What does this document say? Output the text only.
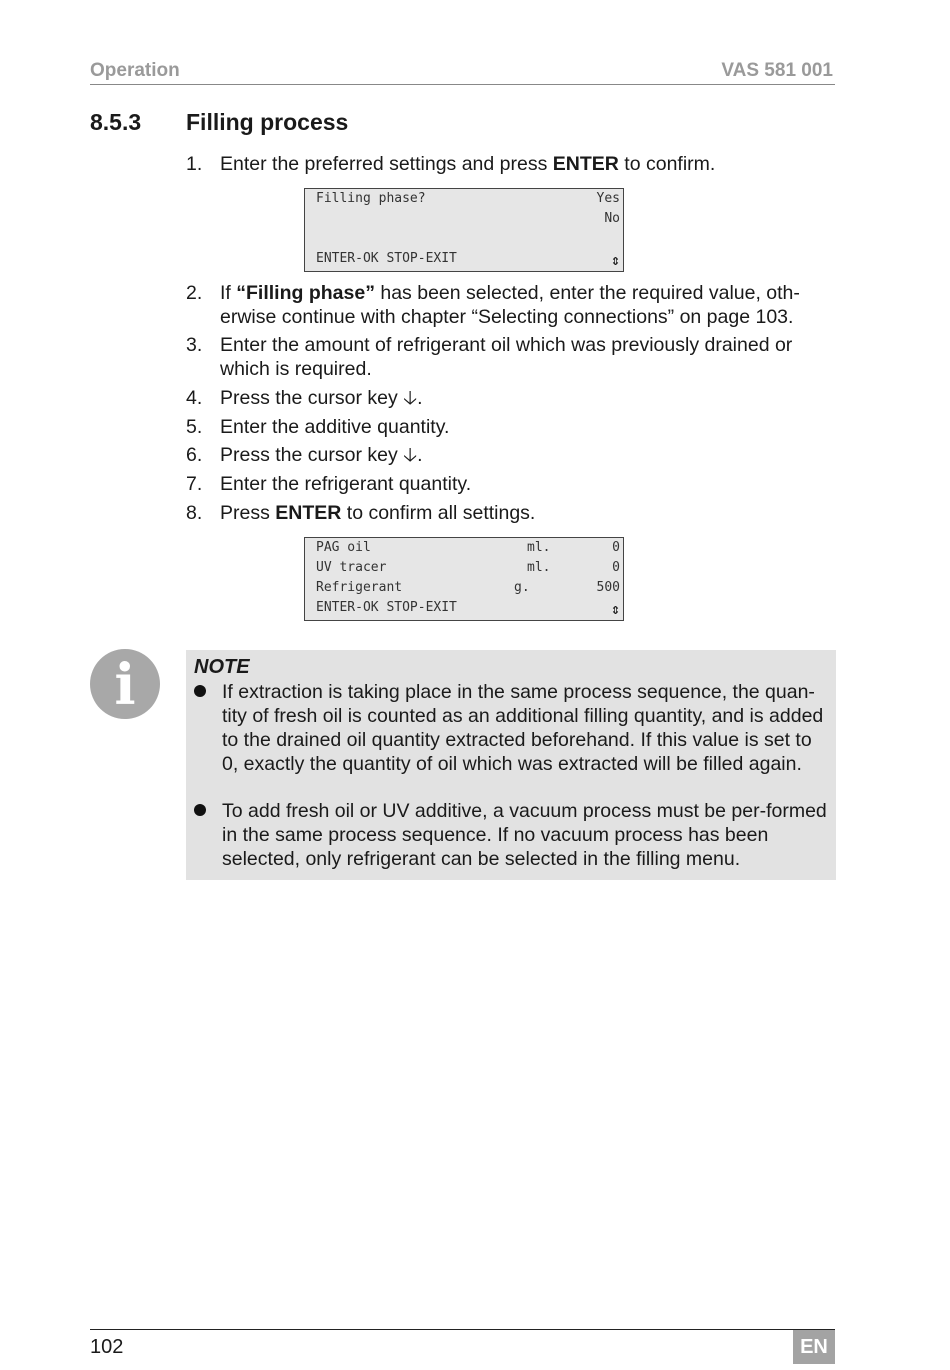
Operation	VAS 581 001
8.5.3 Filling process
1. Enter the preferred settings and press ENTER to confirm.
Filling phase?	Yes
No
ENTER-OK STOP-EXIT	⇕
2. If “Filling phase” has been selected, enter the required value, oth-erwise continue with chapter “Selecting connections” on page 103.
3. Enter the amount of refrigerant oil which was previously drained or which is required.
4. Press the cursor key 🡣.
5. Enter the additive quantity.
6. Press the cursor key 🡣.
7. Enter the refrigerant quantity.
8. Press ENTER to confirm all settings.
PAG oil	ml.	0
UV tracer	ml.	0
Refrigerant	g.	500
ENTER-OK STOP-EXIT	⇕
i	NOTE
If extraction is taking place in the same process sequence, the quan-tity of fresh oil is counted as an additional filling quantity, and is added to the drained oil quantity extracted beforehand. If this value is set to 0, exactly the quantity of oil which was extracted will be filled again.
To add fresh oil or UV additive, a vacuum process must be per-formed in the same process sequence. If no vacuum process has been selected, only refrigerant can be selected in the filling menu.
102	EN
